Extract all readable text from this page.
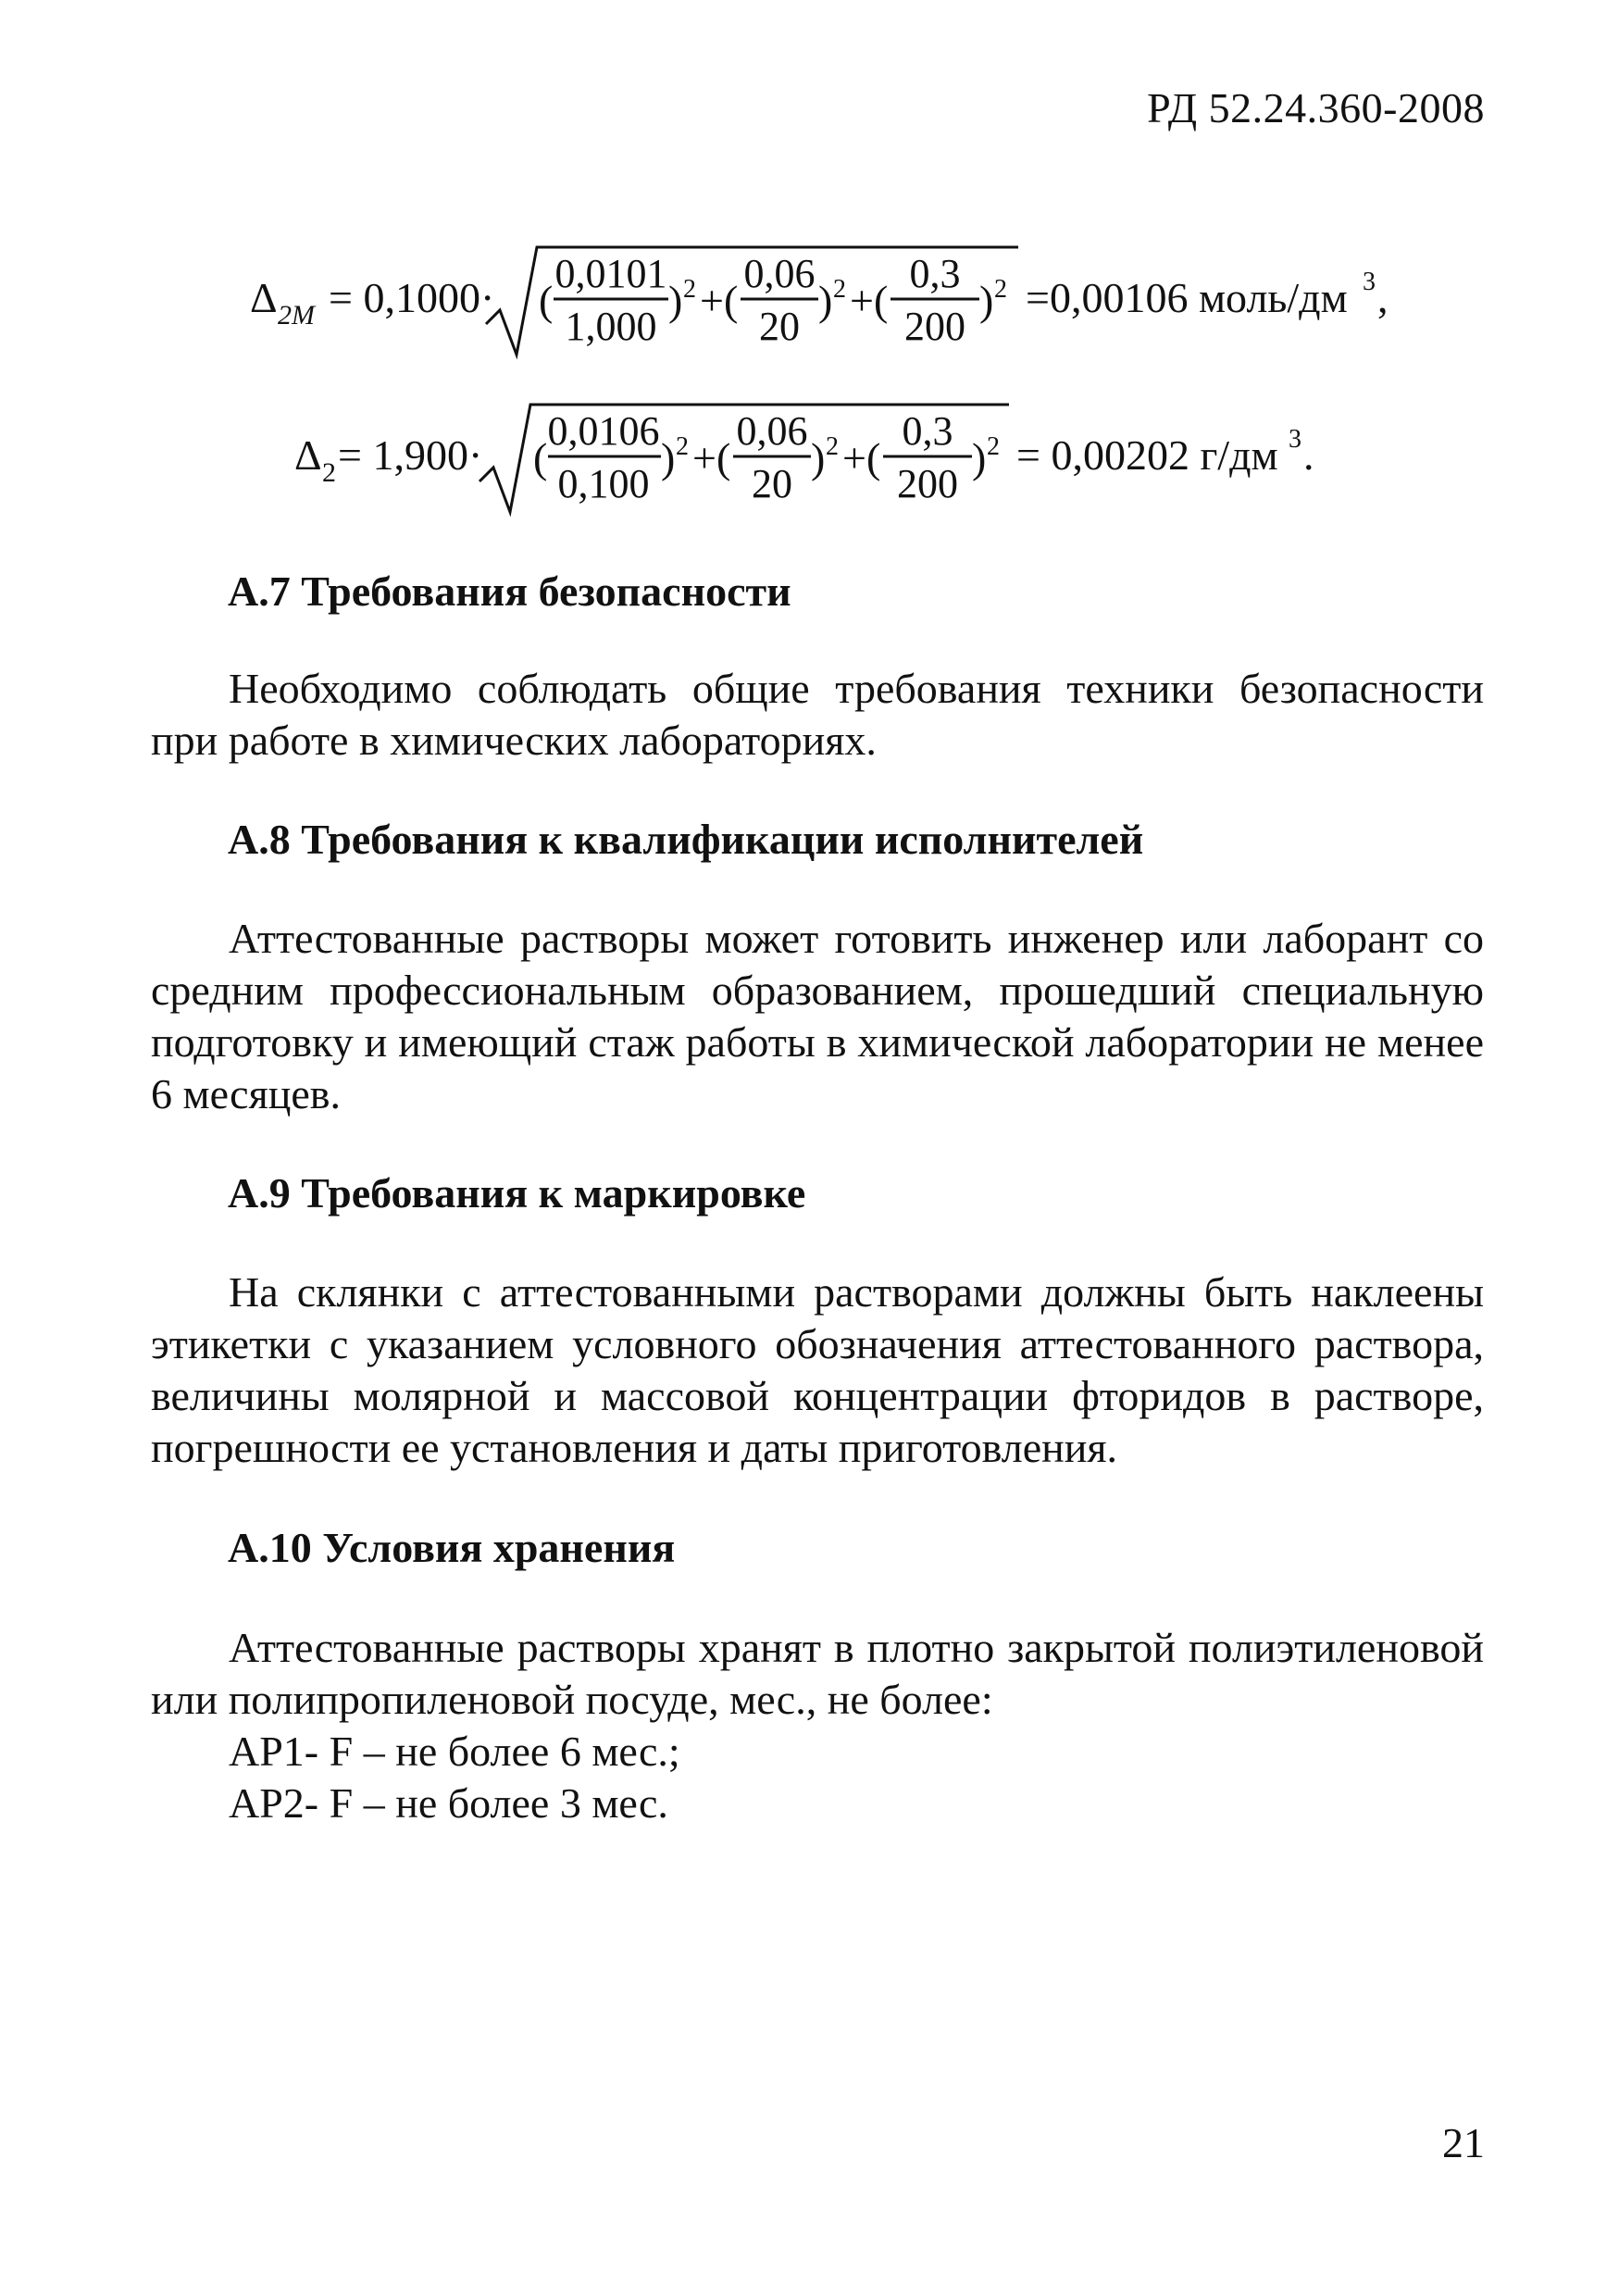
РД 52.24.360-2008
Δ 2M = 0,1000· (
0,0101
1,000
) 2 +(
0,06
20
) 2 +(
0,3
200
) 2 =0,00106 моль/дм 3 ,
Δ 2 = 1,900· (
0,0106
0,100
) 2 +(
0,06
20
) 2 +(
0,3
200
) 2 = 0,00202 г/дм 3 .
А.7 Требования безопасности

Необходимо соблюдать общие требования техники безопасности при работе в химических лабораториях.

А.8 Требования к квалификации исполнителей

Аттестованные растворы может готовить инженер или лаборант со средним профессиональным образованием, прошедший специальную подготовку и имеющий стаж работы в химической лаборатории не менее 6 месяцев.

А.9 Требования к маркировке

На склянки с аттестованными растворами должны быть наклеены этикетки с указанием условного обозначения аттестованного раствора, величины молярной и массовой концентрации фторидов в растворе, погрешности ее установления и даты приготовления.

А.10 Условия хранения

Аттестованные растворы хранят в плотно закрытой полиэтиленовой или полипропиленовой посуде, мес., не более:

АР1- F – не более 6 мес.;

АР2- F – не более 3 мес.

21
